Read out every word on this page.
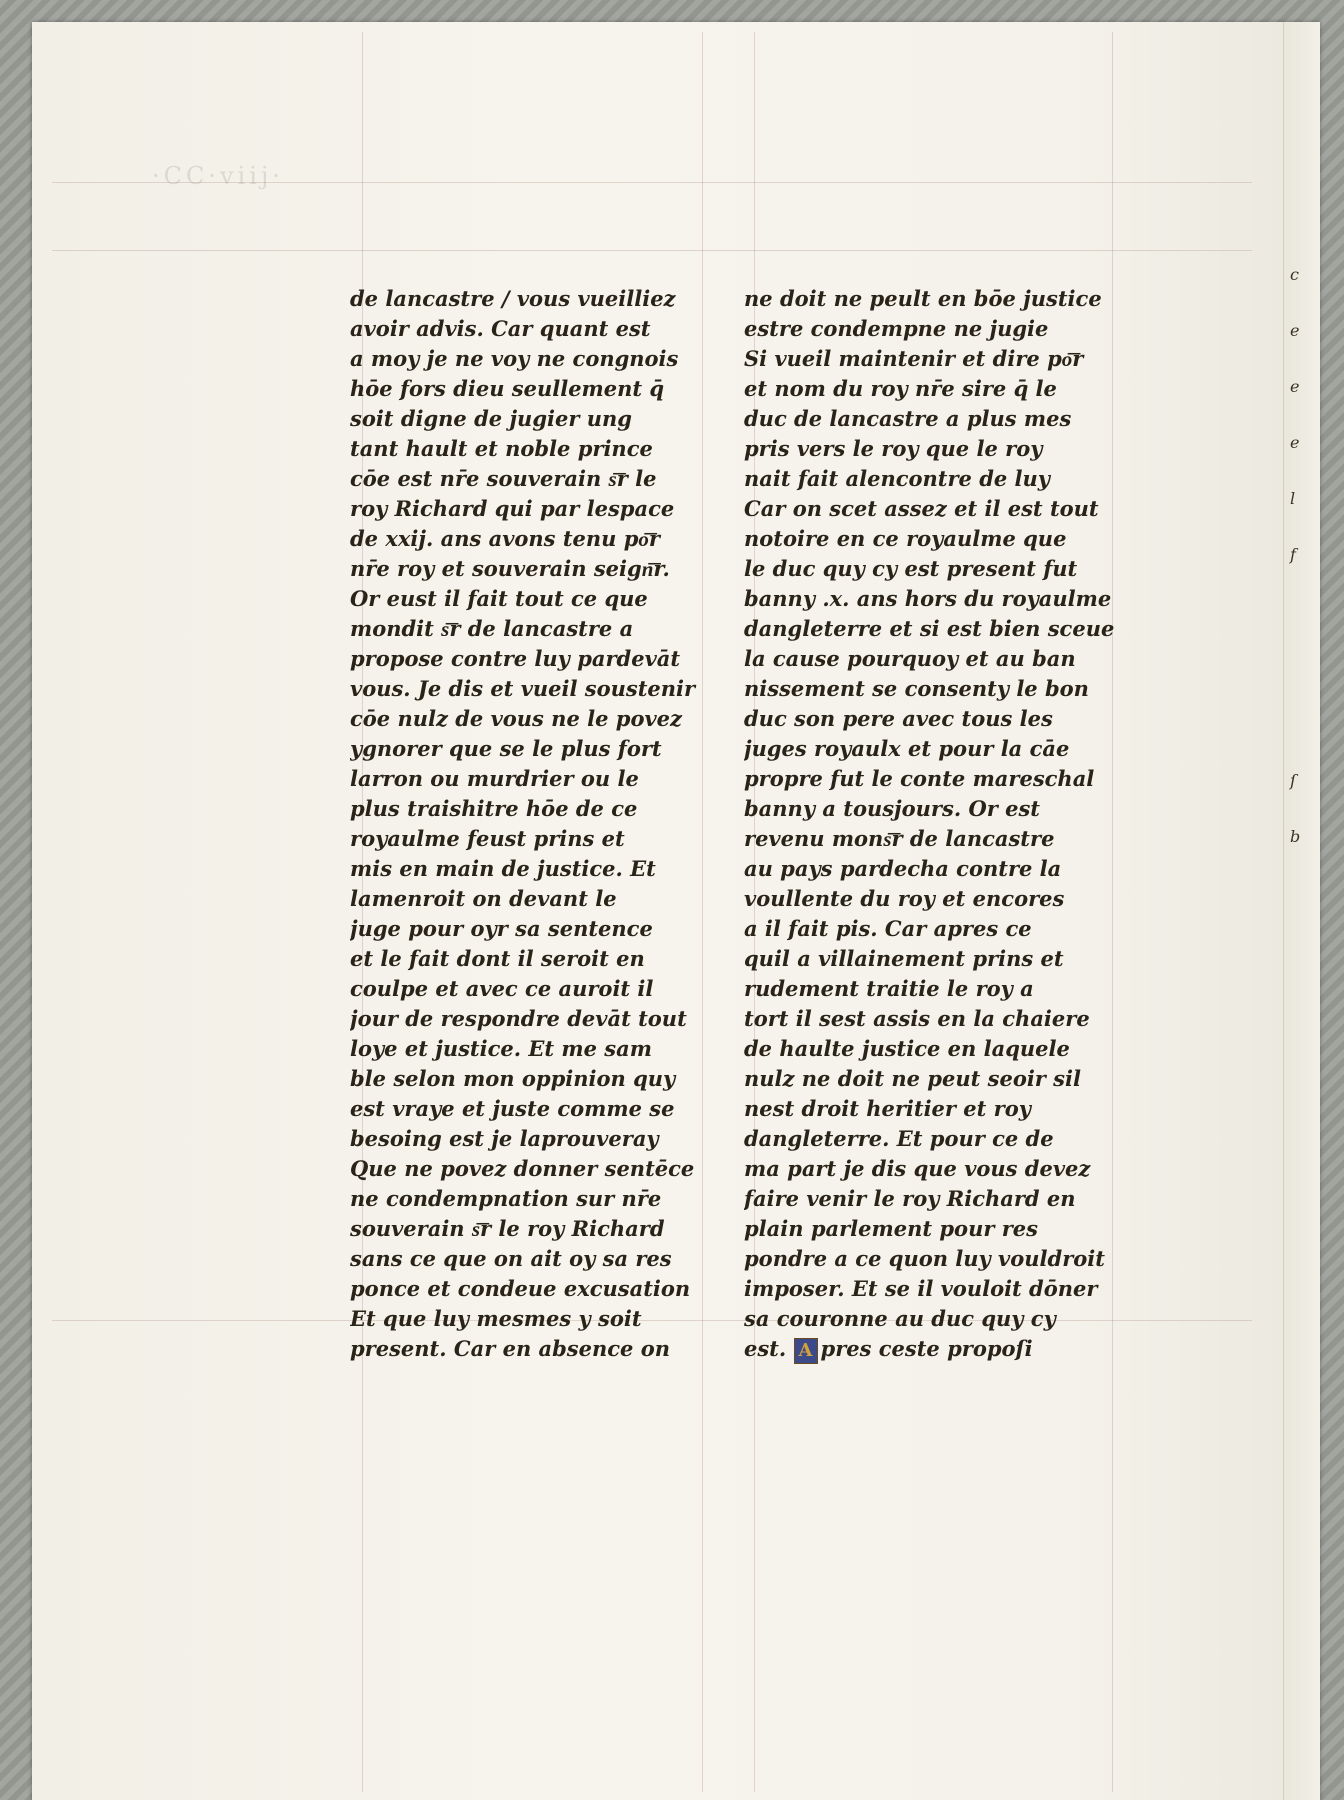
c
e
e
e
l
f
ſ
b
·CC·viij·
de lancastre / vous vueilliez
avoir advis. Car quant est
a moy je ne voy ne congnois
hōe fors dieu seullement q̄
soit digne de jugier ung
tant hault et noble prince
cōe est nr̄e souverain s͞r le
roy Richard qui par lespace
de xxij. ans avons tenu po͞r
nr̄e roy et souverain seign͞r.
Or eust il fait tout ce que
mondit s͞r de lancastre a
propose contre luy pardevāt
vous. Je dis et vueil soustenir
cōe nulz de vous ne le povez
ygnorer que se le plus fort
larron ou murdrier ou le
plus traishitre hōe de ce
royaulme feust prins et
mis en main de justice. Et
lamenroit on devant le
juge pour oyr sa sentence
et le fait dont il seroit en
coulpe et avec ce auroit il
jour de respondre devāt tout
loye et justice. Et me sam
ble selon mon oppinion quy
est vraye et juste comme se
besoing est je laprouveray
Que ne povez donner sentēce
ne condempnation sur nr̄e
souverain s͞r le roy Richard
sans ce que on ait oy sa res
ponce et condeue excusation
Et que luy mesmes y soit
present. Car en absence on
ne doit ne peult en bōe justice
estre condempne ne jugie
Si vueil maintenir et dire po͞r
et nom du roy nr̄e sire q̄ le
duc de lancastre a plus mes
pris vers le roy que le roy
nait fait alencontre de luy
Car on scet assez et il est tout
notoire en ce royaulme que
le duc quy cy est present fut
banny .x. ans hors du royaulme
dangleterre et si est bien sceue
la cause pourquoy et au ban
nissement se consenty le bon
duc son pere avec tous les
juges royaulx et pour la cāe
propre fut le conte mareschal
banny a tousjours. Or est
revenu mons͞r de lancastre
au pays pardecha contre la
voullente du roy et encores
a il fait pis. Car apres ce
quil a villainement prins et
rudement traitie le roy a
tort il sest assis en la chaiere
de haulte justice en laquele
nulz ne doit ne peut seoir sil
nest droit heritier et roy
dangleterre. Et pour ce de
ma part je dis que vous devez
faire venir le roy Richard en
plain parlement pour res
pondre a ce quon luy vouldroit
imposer. Et se il vouloit dōner
sa couronne au duc quy cy
est. A pres ceste propoſi
